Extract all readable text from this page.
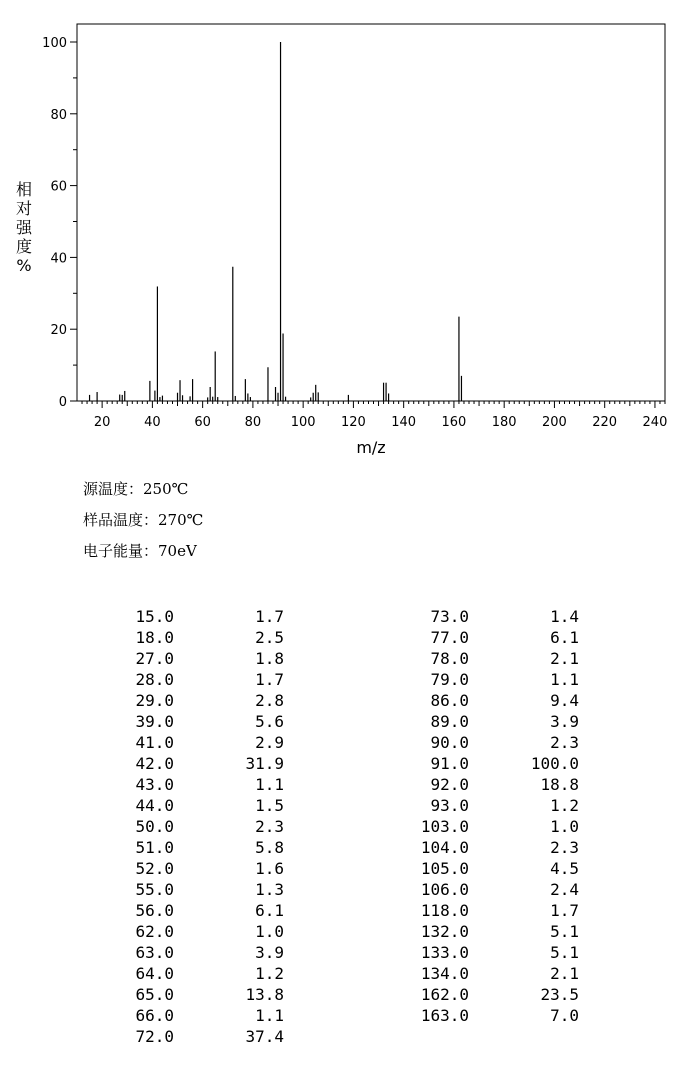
20	40	60	80 100 120 140 160 180 200 220 240
0
20
40
60
80
100
m/z
相对强度%
源温度：250℃
样品温度：270℃
电子能量：70eV
15.0	1.7
18.0	2.5
27.0	1.8
28.0	1.7
29.0	2.8
39.0	5.6
41.0	2.9
42.0	31.9
43.0	1.1
44.0	1.5
50.0	2.3
51.0	5.8
52.0	1.6
55.0	1.3
56.0	6.1
62.0	1.0
63.0	3.9
64.0	1.2
65.0	13.8
66.0	1.1
72.0	37.4
73.0	1.4
77.0	6.1
78.0	2.1
79.0	1.1
86.0	9.4
89.0	3.9
90.0	2.3
91.0	100.0
92.0	18.8
93.0	1.2
103.0	1.0
104.0	2.3
105.0	4.5
106.0	2.4
118.0	1.7
132.0	5.1
133.0	5.1
134.0	2.1
162.0	23.5
163.0	7.0
